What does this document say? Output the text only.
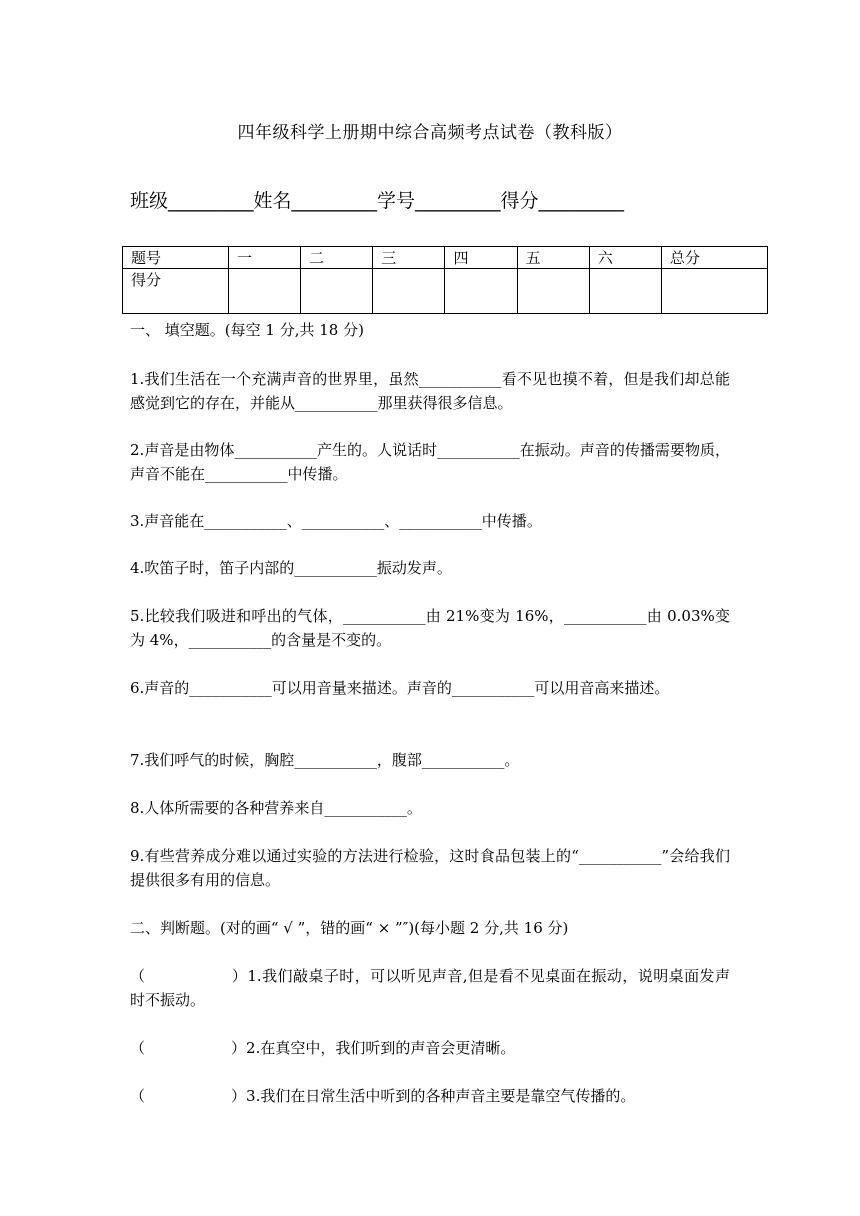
四年级科学上册期中综合高频考点试卷（教科版）
班级_________姓名_________学号_________得分_________
题号	一	二	三	四	五	六	总分
得分							
一、 填空题。(每空 1 分,共 18 分)
1.我们生活在一个充满声音的世界里，虽然___________看不见也摸不着，但是我们却总能感觉到它的存在，并能从___________那里获得很多信息。
2.声音是由物体___________产生的。人说话时___________在振动。声音的传播需要物质，声音不能在___________中传播。
3.声音能在___________、___________、___________中传播。
4.吹笛子时，笛子内部的___________振动发声。
5.比较我们吸进和呼出的气体，___________由 21%变为 16%，___________由 0.03%变为 4%，___________的含量是不变的。
6.声音的___________可以用音量来描述。声音的___________可以用音高来描述。
7.我们呼气的时候，胸腔___________，腹部___________。
8.人体所需要的各种营养来自___________。
9.有些营养成分难以通过实验的方法进行检验，这时食品包装上的“___________”会给我们提供很多有用的信息。
二、判断题。(对的画“ √ ”，错的画“ × ”″)(每小题 2 分,共 16 分)
（	）1.我们敲桌子时，可以听见声音,但是看不见桌面在振动，说明桌面发声时不振动。
（	）2.在真空中，我们听到的声音会更清晰。
（	）3.我们在日常生活中听到的各种声音主要是靠空气传播的。
